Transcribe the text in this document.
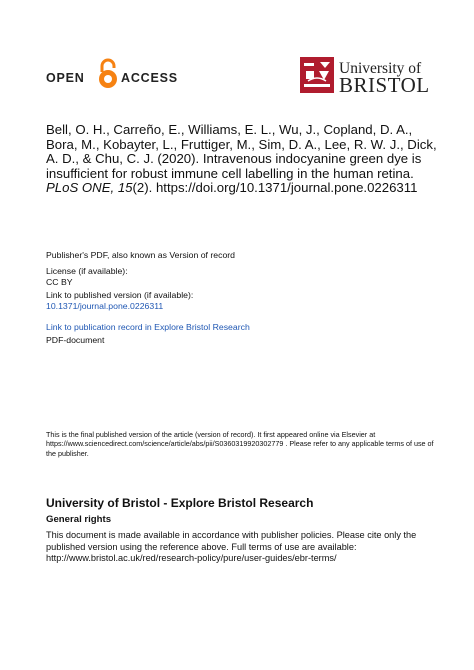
OPEN	ACCESS
University of
BRISTOL
Bell, O. H., Carreño, E., Williams, E. L., Wu, J., Copland, D. A., Bora, M., Kobayter, L., Fruttiger, M., Sim, D. A., Lee, R. W. J., Dick, A. D., & Chu, C. J. (2020). Intravenous indocyanine green dye is insufficient for robust immune cell labelling in the human retina. PLoS ONE, 15(2). https://doi.org/10.1371/journal.pone.0226311
Publisher's PDF, also known as Version of record
License (if available):
CC BY
Link to published version (if available):
10.1371/journal.pone.0226311
Link to publication record in Explore Bristol Research
PDF-document
This is the final published version of the article (version of record). It first appeared online via Elsevier at https://www.sciencedirect.com/science/article/abs/pii/S0360319920302779 . Please refer to any applicable terms of use of the publisher.
University of Bristol - Explore Bristol Research
General rights
This document is made available in accordance with publisher policies. Please cite only the published version using the reference above. Full terms of use are available: http://www.bristol.ac.uk/red/research-policy/pure/user-guides/ebr-terms/
